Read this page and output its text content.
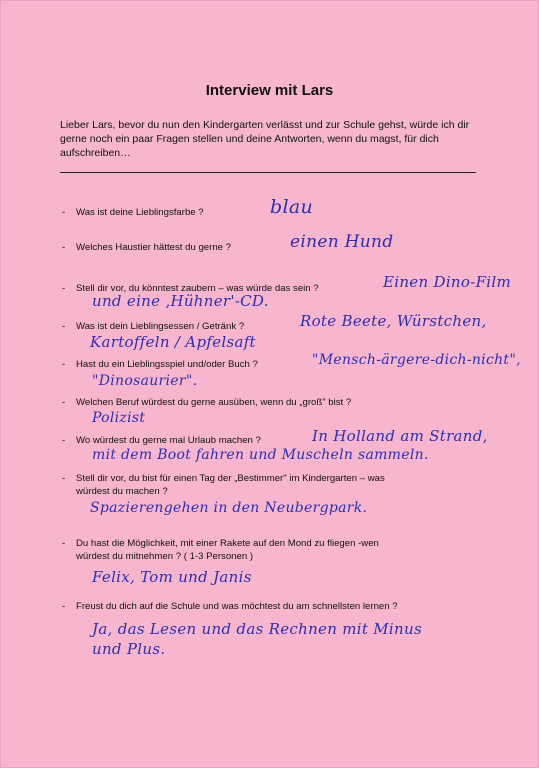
Interview mit Lars
Lieber Lars, bevor du nun den Kindergarten verlässt und zur Schule gehst, würde ich dir gerne noch ein paar Fragen stellen und deine Antworten, wenn du magst, für dich aufschreiben…
- Was ist deine Lieblingsfarbe ?	blau
- Welches Haustier hättest du gerne ?	einen Hund
- Stell dir vor, du könntest zaubern – was würde das sein ?	Einen Dino-Film
und eine ‚Hühner'-CD.
- Was ist dein Lieblingsessen / Getränk ?	Rote Beete, Würstchen,
Kartoffeln / Apfelsaft
- Hast du ein Lieblingsspiel und/oder Buch ?	"Mensch-ärgere-dich-nicht",
"Dinosaurier".
- Welchen Beruf würdest du gerne ausüben, wenn du „groß" bist ?
Polizist
- Wo würdest du gerne mal Urlaub machen ?	In Holland am Strand,
mit dem Boot fahren und Muscheln sammeln.
- Stell dir vor, du bist für einen Tag der „Bestimmer" im Kindergarten – was
würdest du machen ?
Spazierengehen in den Neubergpark.
- Du hast die Möglichkeit, mit einer Rakete auf den Mond zu fliegen -wen
würdest du mitnehmen ? ( 1-3 Personen )
Felix, Tom und Janis
- Freust du dich auf die Schule und was möchtest du am schnellsten lernen ?
Ja, das Lesen und das Rechnen mit Minus
und Plus.
